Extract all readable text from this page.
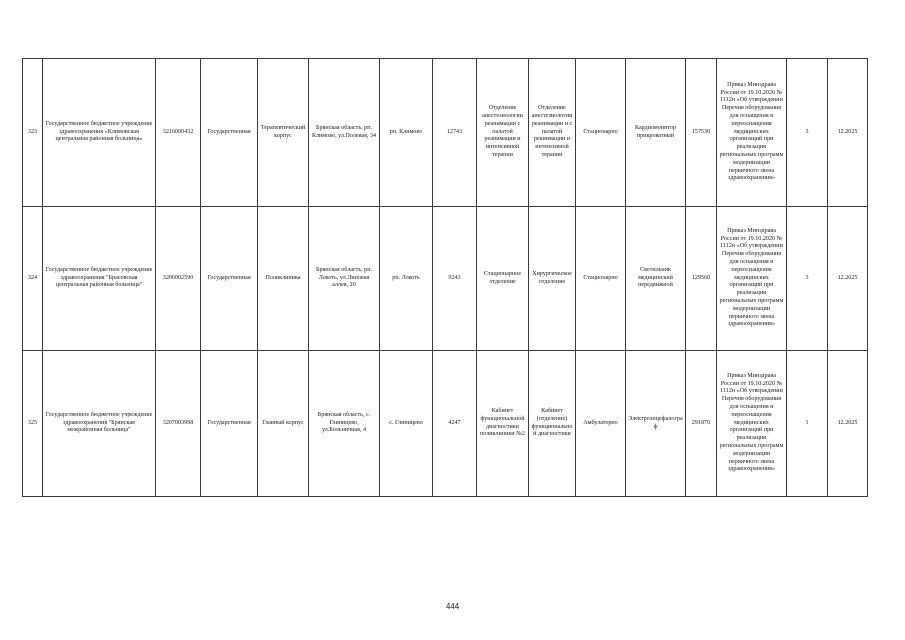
323	Государственное бюджетное учреждение здравоохранения «Климовская центральная районная больница»	3216000432	Государственная	Терапевтический корпус	Брянская область, рп. Климово, ул.Полевая, 34	рп. Климово	12743	Отделение анестезиологии реанимации с палатой реанимации и интенсивной терапии	Отделение анестезиологии реанимации и с палатой реанимации и интенсивной терапии	Стационарно	Кардиомонитор прикроватный	157530	Приказ Минздрава России от 19.10.2020 № 1112н «Об утверждении Перечня оборудования для оснащения и переоснащения медицинских организаций при реализации региональных программ модернизации первичного звена здравоохранения»	3	12.2025
324	Государственное бюджетное учреждение здравоохранения "Брасовская центральная районная больница"	3206002590	Государственная	Поликлиника	Брянская область, рп. Локоть, ул.Липовая аллея, 20	рп. Локоть	9243	Стационарное отделение	Хирургическое отделение	Стационарно	Светильник медицинский передвижной	129560	Приказ Минздрава России от 19.10.2020 № 1112н «Об утверждении Перечня оборудования для оснащения и переоснащения медицинских организаций при реализации региональных программ модернизации первичного звена здравоохранения»	3	12.2025
325	Государственное бюджетное учреждение здравоохранения "Брянская межрайонная больница"	3207003998	Государственная	Главный корпус	Брянская область, с. Глиницево, ул.Больничная, 4	с. Глиницево	4247	Кабинет функциональной диагностики поликлиники №2	Кабинет (отделение) функциональной диагностики	Амбулаторно	Электроэнцефалограф	291870	Приказ Минздрава России от 19.10.2020 № 1112н «Об утверждении Перечня оборудования для оснащения и переоснащения медицинских организаций при реализации региональных программ модернизации первичного звена здравоохранения»	1	12.2025
444
